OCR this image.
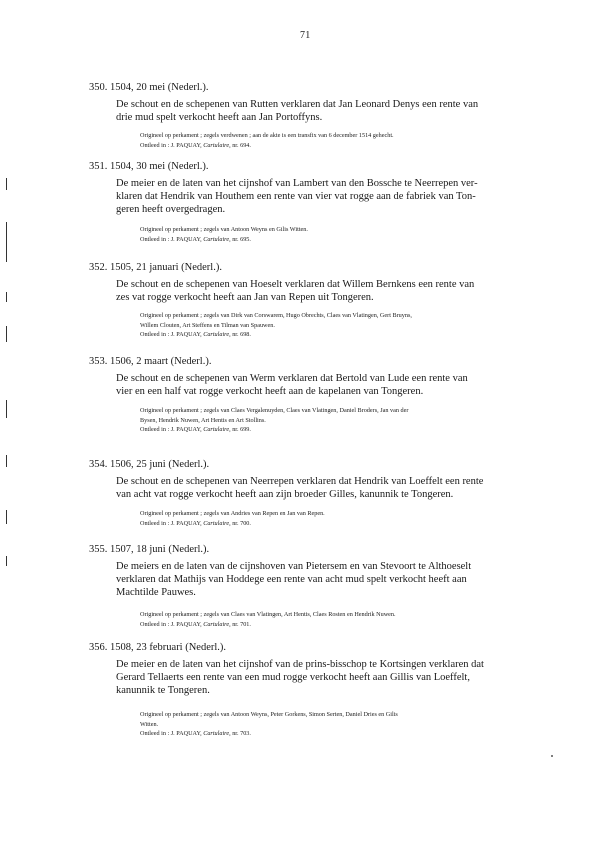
71
350. 1504, 20 mei (Nederl.).
De schout en de schepenen van Rutten verklaren dat Jan Leonard Denys een rente van
drie mud spelt verkocht heeft aan Jan Portoffyns.
Origineel op perkament ; zegels verdwenen ; aan de akte is een transfix van 6 december 1514 gehecht.
Ontleed in : J. PAQUAY, Cartulaire, nr. 694.
351. 1504, 30 mei (Nederl.).
De meier en de laten van het cijnshof van Lambert van den Bossche te Neerrepen ver-
klaren dat Hendrik van Houthem een rente van vier vat rogge aan de fabriek van Ton-
geren heeft overgedragen.
Origineel op perkament ; zegels van Antoon Weyns en Gilis Witten.
Ontleed in : J. PAQUAY, Cartulaire, nr. 695.
352. 1505, 21 januari (Nederl.).
De schout en de schepenen van Hoeselt verklaren dat Willem Bernkens een rente van
zes vat rogge verkocht heeft aan Jan van Repen uit Tongeren.
Origineel op perkament ; zegels van Dirk van Corswarem, Hugo Obrechts, Claes van Vlatingen, Gert Bruyns,
Willem Clouten, Art Steffens en Tilman van Spauwen.
Ontleed in : J. PAQUAY, Cartulaire, nr. 698.
353. 1506, 2 maart (Nederl.).
De schout en de schepenen van Werm verklaren dat Bertold van Lude een rente van
vier en een half vat rogge verkocht heeft aan de kapelanen van Tongeren.
Origineel op perkament ; zegels van Claes Vergalenuyden, Claes van Vlatingen, Daniel Broders, Jan van der
Bysen, Hendrik Nuwen, Art Hentis en Art Stollins.
Ontleed in : J. PAQUAY, Cartulaire, nr. 699.
354. 1506, 25 juni (Nederl.).
De schout en de schepenen van Neerrepen verklaren dat Hendrik van Loeffelt een rente
van acht vat rogge verkocht heeft aan zijn broeder Gilles, kanunnik te Tongeren.
Origineel op perkament ; zegels van Andries van Repen en Jan van Repen.
Ontleed in : J. PAQUAY, Cartulaire, nr. 700.
355. 1507, 18 juni (Nederl.).
De meiers en de laten van de cijnshoven van Pietersem en van Stevoort te Althoeselt
verklaren dat Mathijs van Hoddege een rente van acht mud spelt verkocht heeft aan
Machtilde Pauwes.
Origineel op perkament ; zegels van Claes van Vlatingen, Art Hentis, Claes Rosten en Hendrik Nuwen.
Ontleed in : J. PAQUAY, Cartulaire, nr. 701.
356. 1508, 23 februari (Nederl.).
De meier en de laten van het cijnshof van de prins-bisschop te Kortsingen verklaren dat
Gerard Tellaerts een rente van een mud rogge verkocht heeft aan Gillis van Loeffelt,
kanunnik te Tongeren.
Origineel op perkament ; zegels van Antoon Weyns, Peter Gorkens, Simon Serten, Daniel Dries en Gilis
Witten.
Ontleed in : J. PAQUAY, Cartulaire, nr. 703.
